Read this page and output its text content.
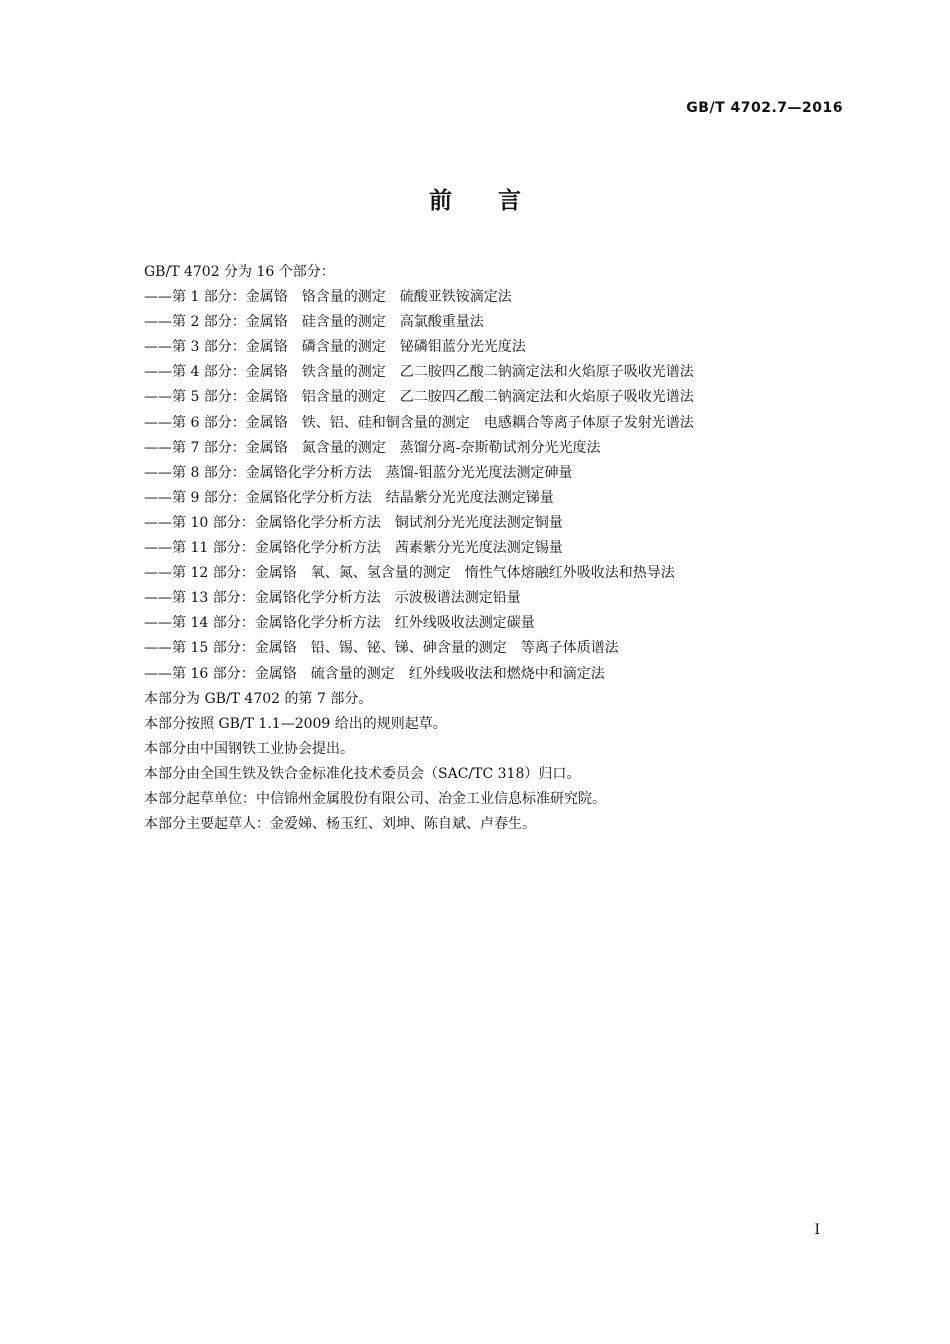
GB/T 4702.7—2016
前言
GB/T 4702 分为 16 个部分：
——第 1 部分：金属铬　铬含量的测定　硫酸亚铁铵滴定法
——第 2 部分：金属铬　硅含量的测定　高氯酸重量法
——第 3 部分：金属铬　磷含量的测定　铋磷钼蓝分光光度法
——第 4 部分：金属铬　铁含量的测定　乙二胺四乙酸二钠滴定法和火焰原子吸收光谱法
——第 5 部分：金属铬　铝含量的测定　乙二胺四乙酸二钠滴定法和火焰原子吸收光谱法
——第 6 部分：金属铬　铁、铝、硅和铜含量的测定　电感耦合等离子体原子发射光谱法
——第 7 部分：金属铬　氮含量的测定　蒸馏分离-奈斯勒试剂分光光度法
——第 8 部分：金属铬化学分析方法　蒸馏-钼蓝分光光度法测定砷量
——第 9 部分：金属铬化学分析方法　结晶紫分光光度法测定锑量
——第 10 部分：金属铬化学分析方法　铜试剂分光光度法测定铜量
——第 11 部分：金属铬化学分析方法　茜素紫分光光度法测定锡量
——第 12 部分：金属铬　氧、氮、氢含量的测定　惰性气体熔融红外吸收法和热导法
——第 13 部分：金属铬化学分析方法　示波极谱法测定铅量
——第 14 部分：金属铬化学分析方法　红外线吸收法测定碳量
——第 15 部分：金属铬　铅、锡、铋、锑、砷含量的测定　等离子体质谱法
——第 16 部分：金属铬　硫含量的测定　红外线吸收法和燃烧中和滴定法
本部分为 GB/T 4702 的第 7 部分。
本部分按照 GB/T 1.1—2009 给出的规则起草。
本部分由中国钢铁工业协会提出。
本部分由全国生铁及铁合金标准化技术委员会（SAC/TC 318）归口。
本部分起草单位：中信锦州金属股份有限公司、冶金工业信息标准研究院。
本部分主要起草人：金爱娣、杨玉红、刘坤、陈自斌、卢春生。
I
